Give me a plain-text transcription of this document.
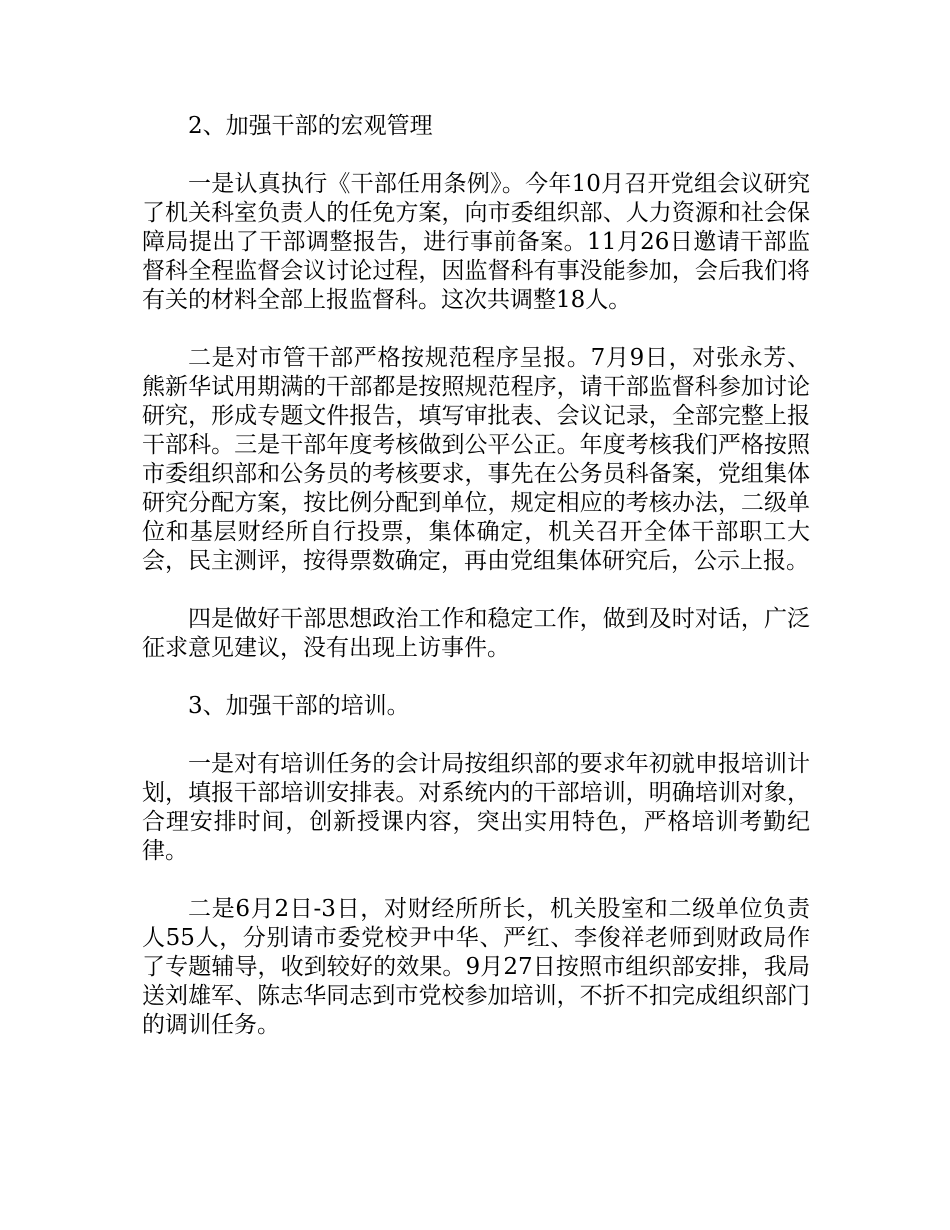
2、加强干部的宏观管理

一是认真执行《干部任用条例》。今年10月召开党组会议研究了机关科室负责人的任免方案，向市委组织部、人力资源和社会保障局提出了干部调整报告，进行事前备案。11月26日邀请干部监督科全程监督会议讨论过程，因监督科有事没能参加，会后我们将有关的材料全部上报监督科。这次共调整18人。

二是对市管干部严格按规范程序呈报。7月9日，对张永芳、熊新华试用期满的干部都是按照规范程序，请干部监督科参加讨论研究，形成专题文件报告，填写审批表、会议记录，全部完整上报干部科。三是干部年度考核做到公平公正。年度考核我们严格按照市委组织部和公务员的考核要求，事先在公务员科备案，党组集体研究分配方案，按比例分配到单位，规定相应的考核办法，二级单位和基层财经所自行投票，集体确定，机关召开全体干部职工大会，民主测评，按得票数确定，再由党组集体研究后，公示上报。

四是做好干部思想政治工作和稳定工作，做到及时对话，广泛征求意见建议，没有出现上访事件。

3、加强干部的培训。

一是对有培训任务的会计局按组织部的要求年初就申报培训计划，填报干部培训安排表。对系统内的干部培训，明确培训对象，合理安排时间，创新授课内容，突出实用特色，严格培训考勤纪律。

二是6月2日-3日，对财经所所长，机关股室和二级单位负责人55人，分别请市委党校尹中华、严红、李俊祥老师到财政局作了专题辅导，收到较好的效果。9月27日按照市组织部安排，我局送刘雄军、陈志华同志到市党校参加培训，不折不扣完成组织部门的调训任务。
